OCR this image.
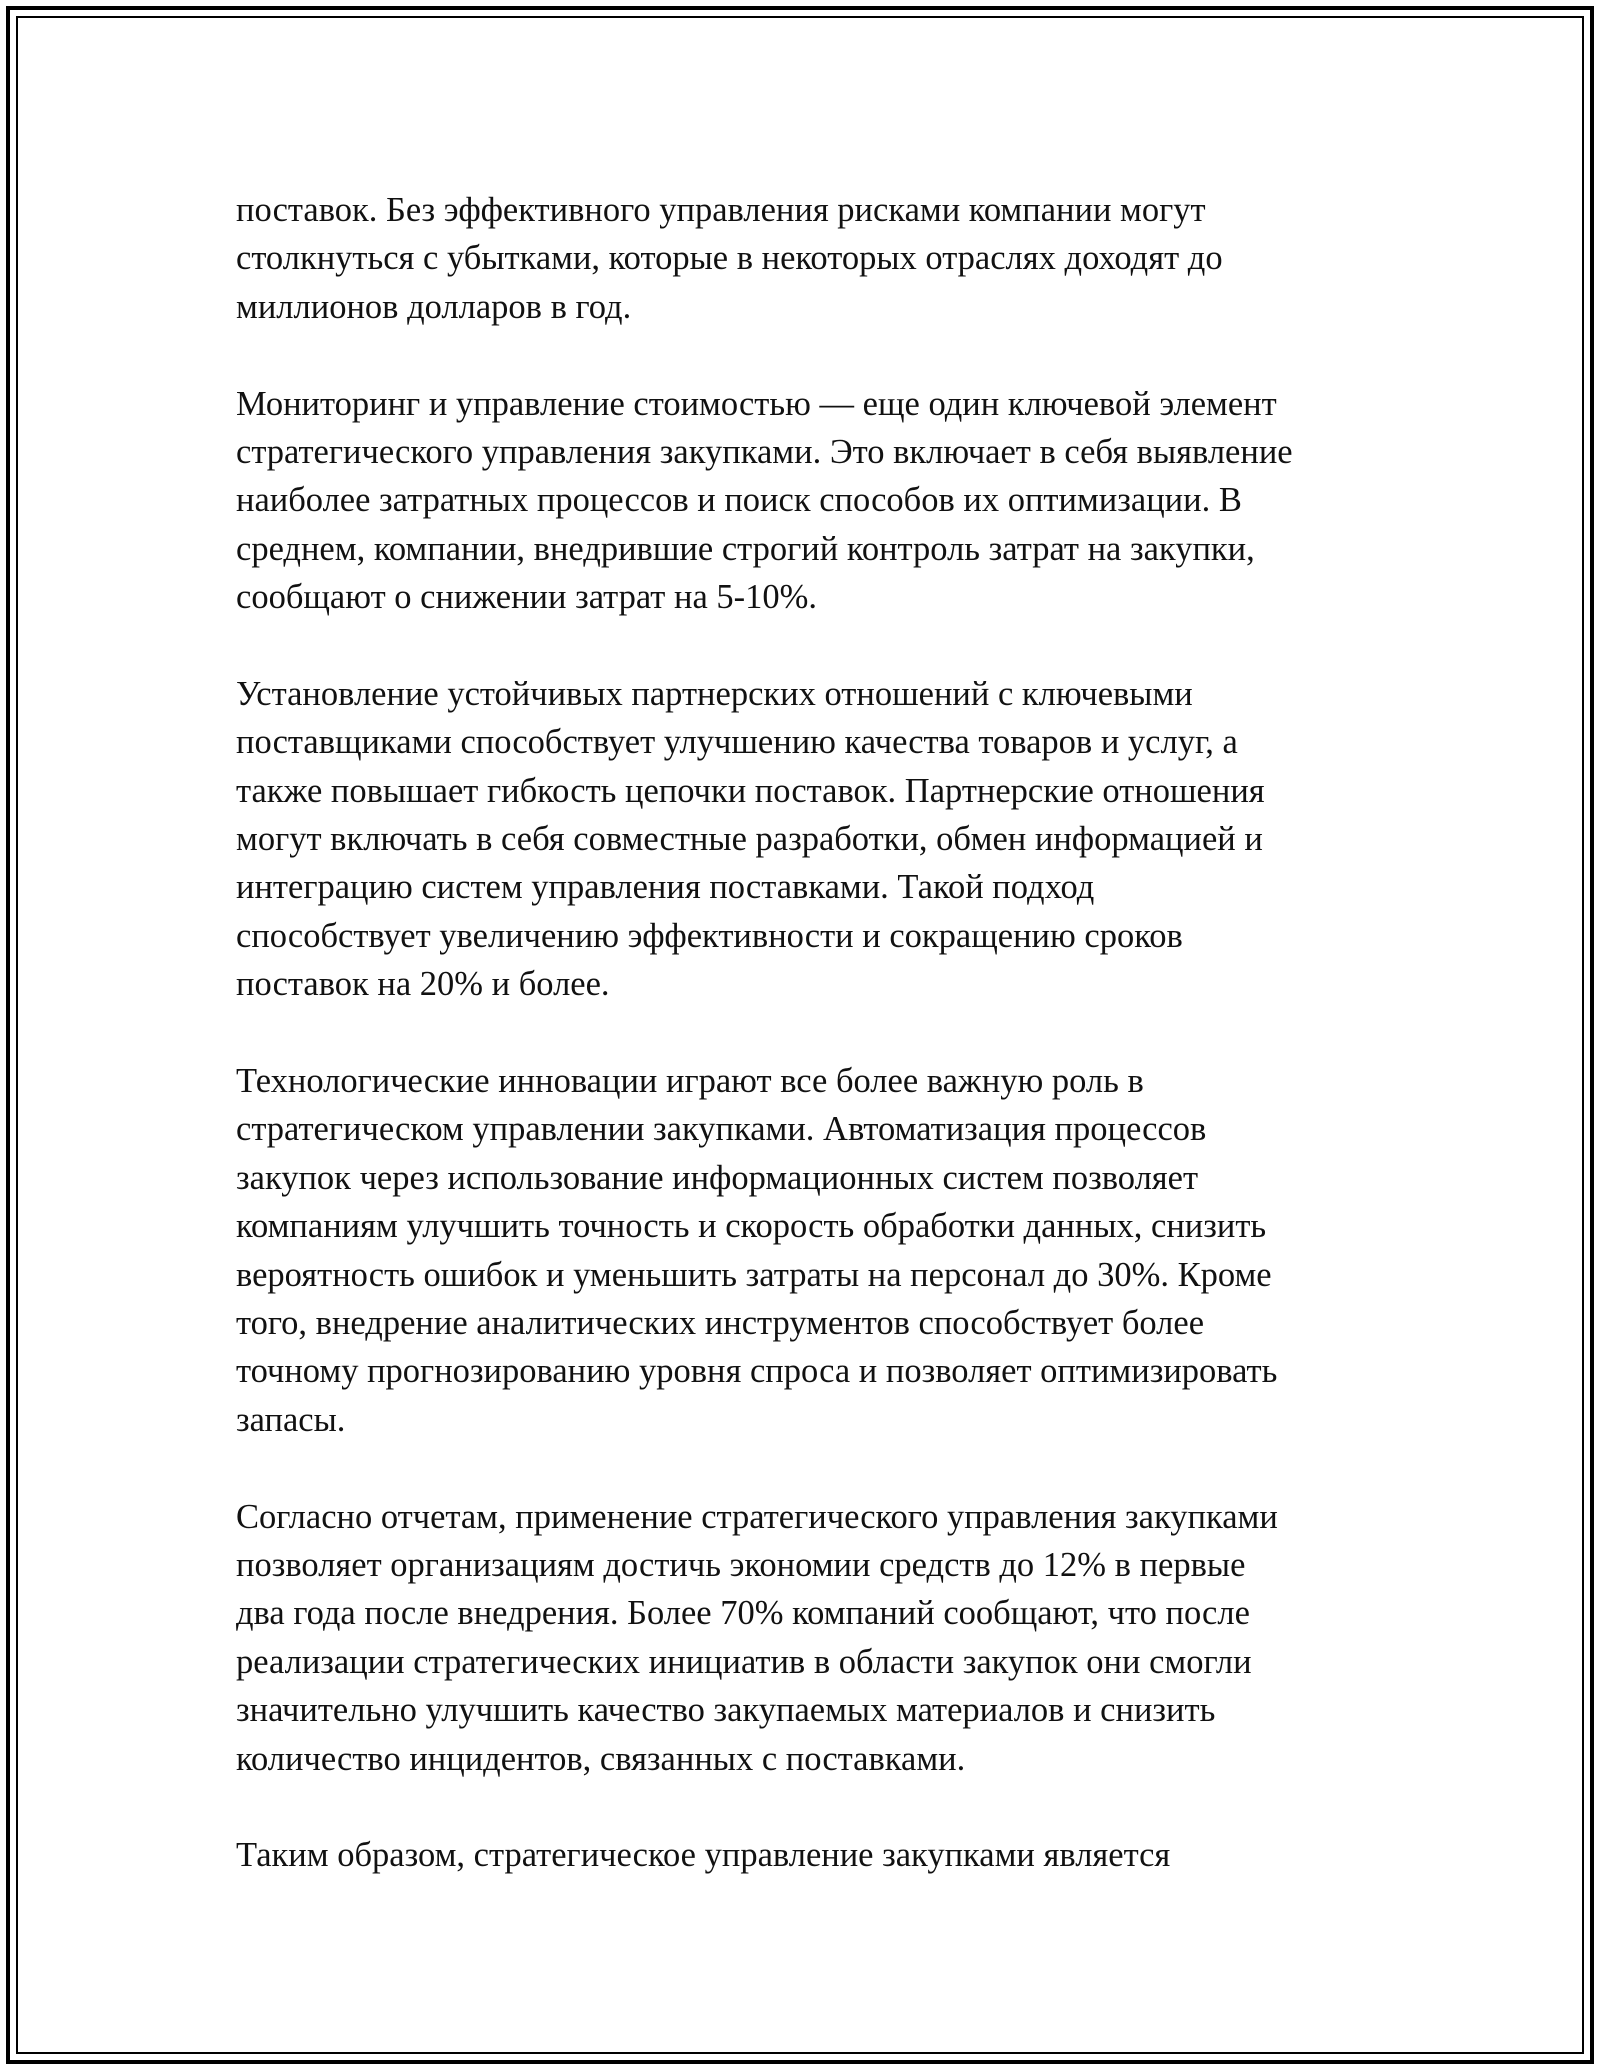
поставок. Без эффективного управления рисками компании могут
столкнуться с убытками, которые в некоторых отраслях доходят до
миллионов долларов в год.

Мониторинг и управление стоимостью — еще один ключевой элемент
стратегического управления закупками. Это включает в себя выявление
наиболее затратных процессов и поиск способов их оптимизации. В
среднем, компании, внедрившие строгий контроль затрат на закупки,
сообщают о снижении затрат на 5-10%.

Установление устойчивых партнерских отношений с ключевыми
поставщиками способствует улучшению качества товаров и услуг, а
также повышает гибкость цепочки поставок. Партнерские отношения
могут включать в себя совместные разработки, обмен информацией и
интеграцию систем управления поставками. Такой подход
способствует увеличению эффективности и сокращению сроков
поставок на 20% и более.

Технологические инновации играют все более важную роль в
стратегическом управлении закупками. Автоматизация процессов
закупок через использование информационных систем позволяет
компаниям улучшить точность и скорость обработки данных, снизить
вероятность ошибок и уменьшить затраты на персонал до 30%. Кроме
того, внедрение аналитических инструментов способствует более
точному прогнозированию уровня спроса и позволяет оптимизировать
запасы.

Согласно отчетам, применение стратегического управления закупками
позволяет организациям достичь экономии средств до 12% в первые
два года после внедрения. Более 70% компаний сообщают, что после
реализации стратегических инициатив в области закупок они смогли
значительно улучшить качество закупаемых материалов и снизить
количество инцидентов, связанных с поставками.

Таким образом, стратегическое управление закупками является
